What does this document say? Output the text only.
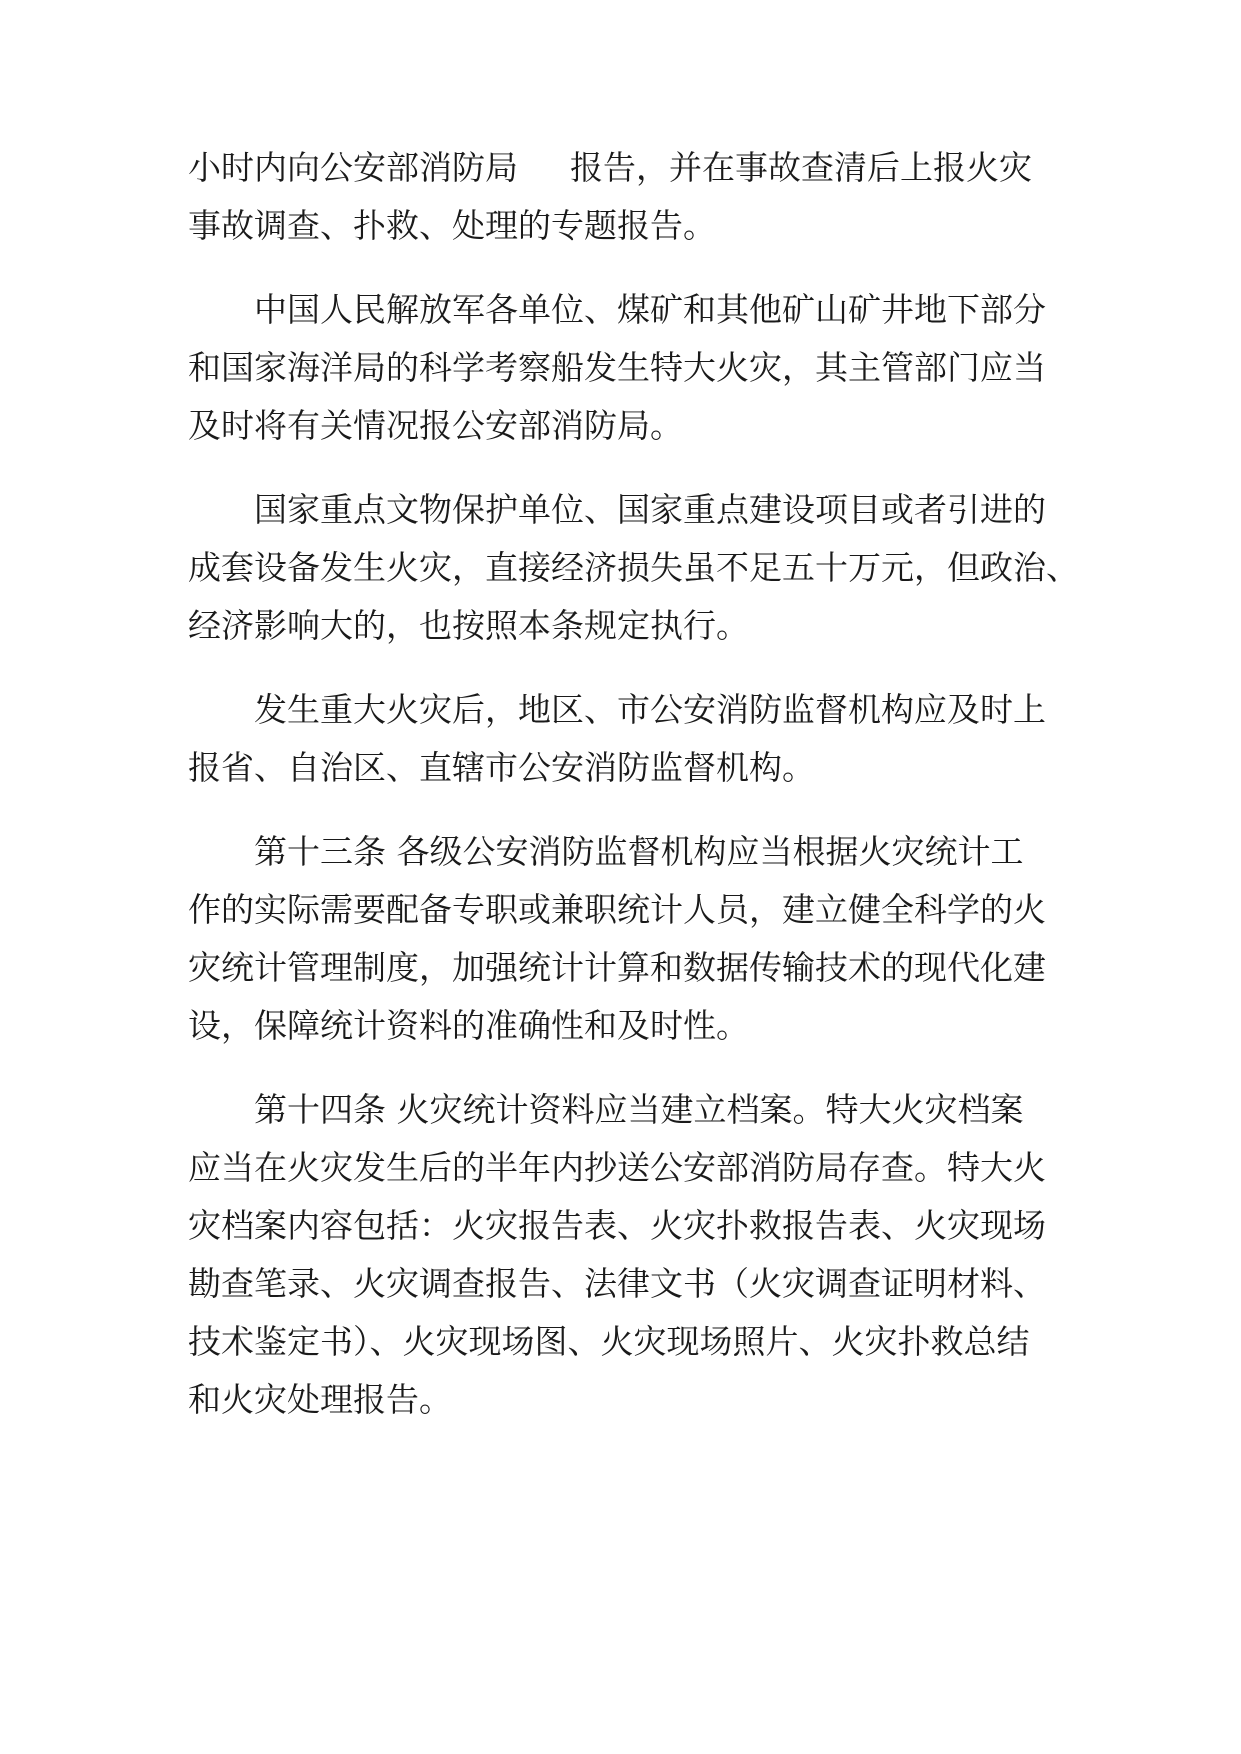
小时内向公安部消防局 报告，并在事故查清后上报火灾
事故调查、扑救、处理的专题报告。
中国人民解放军各单位、煤矿和其他矿山矿井地下部分
和国家海洋局的科学考察船发生特大火灾，其主管部门应当
及时将有关情况报公安部消防局。
国家重点文物保护单位、国家重点建设项目或者引进的
成套设备发生火灾，直接经济损失虽不足五十万元，但政治、
经济影响大的，也按照本条规定执行。
发生重大火灾后，地区、市公安消防监督机构应及时上
报省、自治区、直辖市公安消防监督机构。
第十三条 各级公安消防监督机构应当根据火灾统计工
作的实际需要配备专职或兼职统计人员，建立健全科学的火
灾统计管理制度，加强统计计算和数据传输技术的现代化建
设，保障统计资料的准确性和及时性。
第十四条 火灾统计资料应当建立档案。特大火灾档案
应当在火灾发生后的半年内抄送公安部消防局存查。特大火
灾档案内容包括：火灾报告表、火灾扑救报告表、火灾现场
勘查笔录、火灾调查报告、法律文书（火灾调查证明材料、
技术鉴定书）、火灾现场图、火灾现场照片、火灾扑救总结
和火灾处理报告。
